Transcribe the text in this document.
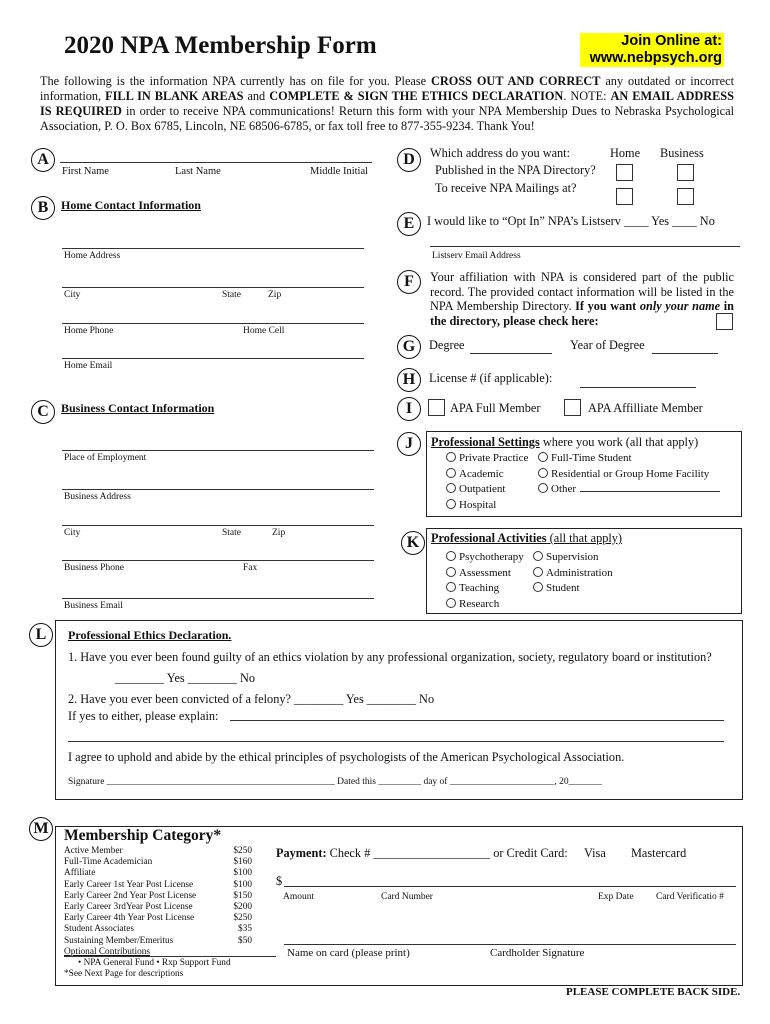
2020 NPA Membership Form	Join Online at:
www.nebpsych.org
The following is the information NPA currently has on file for you. Please CROSS OUT AND CORRECT any outdated or incorrect information, FILL IN BLANK AREAS and COMPLETE & SIGN THE ETHICS DECLARATION. NOTE: AN EMAIL ADDRESS IS REQUIRED in order to receive NPA communications! Return this form with your NPA Membership Dues to Nebraska Psychological Association, P. O. Box 6785, Lincoln, NE 68506-6785, or fax toll free to 877-355-9234. Thank You!
A
First Name	Last Name	Middle Initial
B	Home Contact Information
Home Address
City	State	Zip
Home Phone	Home Cell
Home Email
C	Business Contact Information
Place of Employment
Business Address
City	State	Zip
Business Phone	Fax
Business Email
D	Which address do you want:	Home Business
Published in the NPA Directory?
To receive NPA Mailings at?
E	I would like to “Opt In” NPA’s Listserv ____ Yes ____ No
Listserv Email Address
F	Your affiliation with NPA is considered part of the public record. The provided contact information will be listed in the NPA Membership Directory. If you want only your name in the directory, please check here:
G	Degree	Year of Degree
H	License # (if applicable):
I	APA Full Member	APA Affilliate Member
J	Professional Settings where you work (all that apply)
Private Practice
Academic
Outpatient
Hospital
Full-Time Student
Residential or Group Home Facility
Other
K Professional Activities (all that apply)
Psychotherapy
Assessment
Teaching
Research
Supervision
Administration
Student
L	Professional Ethics Declaration.
1. Have you ever been found guilty of an ethics violation by any professional organization, society, regulatory board or institution?
________ Yes ________ No
2. Have you ever been convicted of a felony? ________ Yes ________ No
If yes to either, please explain:
I agree to uphold and abide by the ethical principles of psychologists of the American Psychological Association.
Signature ________________________________________________ Dated this _________ day of ______________________, 20_______
M Membership Category*
Active Member	$250
Full-Time Academician	$160
Affiliate	$100
Early Career 1st Year Post License	$100
Early Career 2nd Year Post License	$150
Early Career 3rdYear Post License	$200
Early Career 4th Year Post License	$250
Student Associates	$35
Sustaining Member/Emeritus	$50
Optional Contributions
• NPA General Fund • Rxp Support Fund
*See Next Page for descriptions
Payment: Check # ___________________ or Credit Card: Visa Mastercard
$
Amount	Card Number	Exp Date Card Verificatio #
Name on card (please print)	Cardholder Signature
PLEASE COMPLETE BACK SIDE.
